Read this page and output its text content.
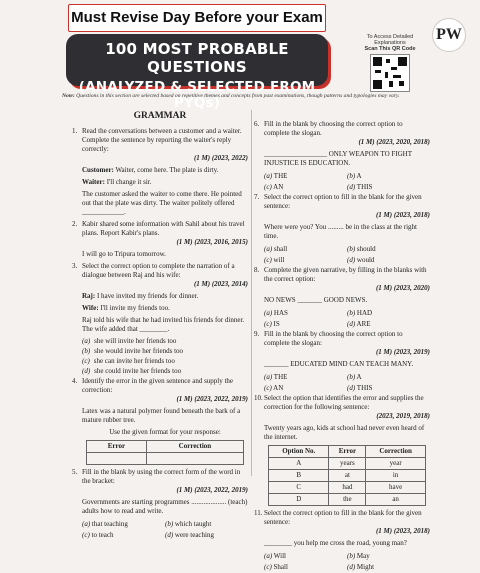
Must Revise Day Before your Exam
PW
100 MOST PROBABLE QUESTIONS
(ANALYZED & SELECTED FROM PYQs)
To Access Detailed Explanations
Scan This QR Code
Note: Questions in this section are selected based on repetitive themes and concepts from past examinations, though patterns and typologies may vary.
GRAMMAR
1. Read the conversations between a customer and a waiter. Complete the sentence by reporting the waiter's reply correctly:
(1 M) (2023, 2022)
Customer: Waiter, come here. The plate is dirty.
Waiter: I'll change it sir.
The customer asked the waiter to come there. He pointed out that the plate was dirty. The waiter politely offered ____________.
2. Kabir shared some information with Sahil about his travel plans. Report Kabir's plans.
(1 M) (2023, 2016, 2015)
I will go to Tripura tomorrow.
3. Select the correct option to complete the narration of a dialogue between Raj and his wife:
(1 M) (2023, 2014)
Raj: I have invited my friends for dinner.
Wife: I'll invite my friends too.
Raj told his wife that he had invited his friends for dinner. The wife added that ________.
(a) she will invite her friends too
(b) she would invite her friends too
(c) she can invite her friends too
(d) she could invite her friends too
4. Identify the error in the given sentence and supply the correction:
(1 M) (2023, 2022, 2019)
Latex was a natural polymer found beneath the bark of a mature rubber tree.
Use the given format for your response:
Error	Correction

5. Fill in the blank by using the correct form of the word in the bracket:
(1 M) (2023, 2022, 2019)
Governments are starting programmes .................... (teach) adults how to read and write.
(a) that teaching	(b) which taught
(c) to teach	(d) were teaching
6. Fill in the blank by choosing the correct option to complete the slogan.
(1 M) (2023, 2020, 2018)
__________________ ONLY WEAPON TO FIGHT INJUSTICE IS EDUCATION.
(a) THE	(b) A
(c) AN	(d) THIS
7. Select the correct option to fill in the blank for the given sentence:
(1 M) (2023, 2018)
Where were you? You ......... be in the class at the right time.
(a) shall	(b) should
(c) will	(d) would
8. Complete the given narrative, by filling in the blanks with the correct option:
(1 M) (2023, 2020)
NO NEWS _______ GOOD NEWS.
(a) HAS	(b) HAD
(c) IS	(d) ARE
9. Fill in the blank by choosing the correct option to complete the slogan:
(1 M) (2023, 2019)
_______ EDUCATED MIND CAN TEACH MANY.
(a) THE	(b) A
(c) AN	(d) THIS
10. Select the option that identifies the error and supplies the correction for the following sentence:
(2023, 2019, 2018)
Twenty years ago, kids at school had never even heard of the internet.
Option No.	Error	Correction
A	years	year
B	at	in
C	had	have
D	the	an
11. Select the correct option to fill in the blank for the given sentence:
(1 M) (2023, 2018)
________ you help me cross the road, young man?
(a) Will	(b) May
(c) Shall	(d) Might
